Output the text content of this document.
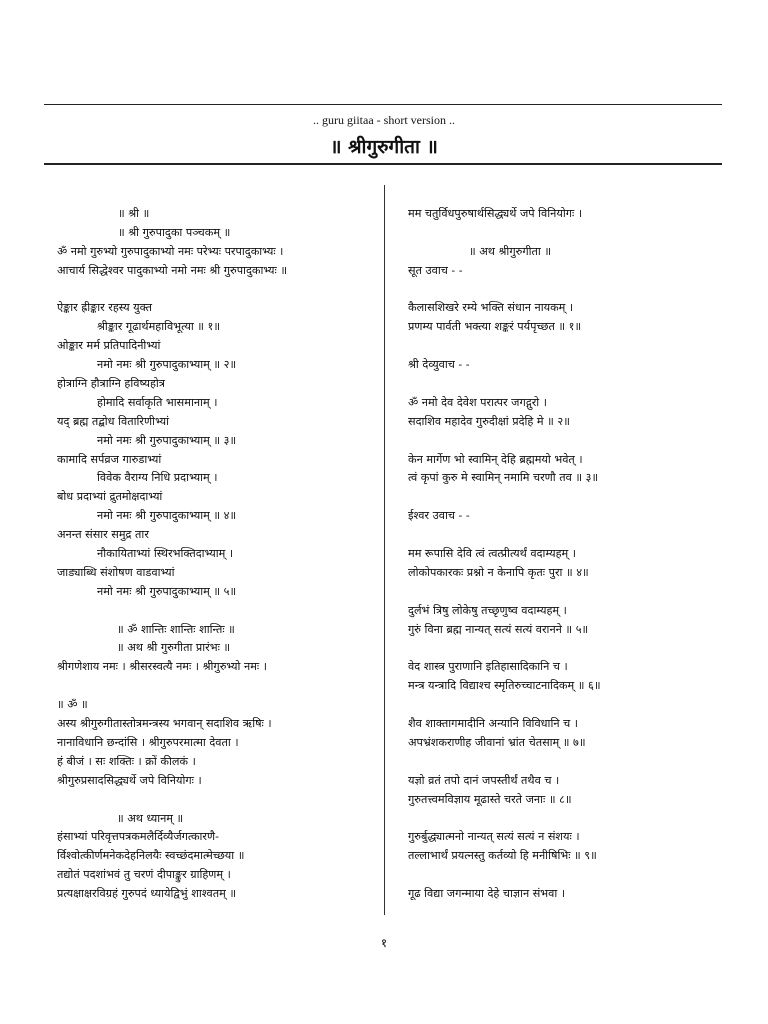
.. guru giitaa - short version ..
॥ श्रीगुरुगीता ॥
॥ श्री ॥
॥ श्री गुरुपादुका पञ्चकम् ॥
ॐ नमो गुरुभ्यो गुरुपादुकाभ्यो नमः परेभ्यः परपादुकाभ्यः ।
आचार्य सिद्धेश्वर पादुकाभ्यो नमो नमः श्री गुरुपादुकाभ्यः ॥
ऐङ्कार ह्रीङ्कार रहस्य युक्त
श्रीङ्कार गूढार्थमहाविभूत्या ॥ १॥
ओङ्कार मर्म प्रतिपादिनीभ्यां
नमो नमः श्री गुरुपादुकाभ्याम् ॥ २॥
होत्राग्नि हौत्राग्नि हविष्यहोत्र
होमादि सर्वाकृति भासमानाम् ।
यद् ब्रह्म तद्बोध वितारिणीभ्यां
नमो नमः श्री गुरुपादुकाभ्याम् ॥ ३॥
कामादि सर्पव्रज गारुडाभ्यां
विवेक वैराग्य निधि प्रदाभ्याम् ।
बोध प्रदाभ्यां द्रुतमोक्षदाभ्यां
नमो नमः श्री गुरुपादुकाभ्याम् ॥ ४॥
अनन्त संसार समुद्र तार
नौकायिताभ्यां स्थिरभक्तिदाभ्याम् ।
जाड्याब्धि संशोषण वाडवाभ्यां
नमो नमः श्री गुरुपादुकाभ्याम् ॥ ५॥
॥ ॐ शान्तिः शान्तिः शान्तिः ॥
॥ अथ श्री गुरुगीता प्रारंभः ॥
श्रीगणेशाय नमः । श्रीसरस्वत्यै नमः । श्रीगुरुभ्यो नमः ।
॥ ॐ ॥
अस्य श्रीगुरुगीतास्तोत्रमन्त्रस्य भगवान् सदाशिव ऋषिः ।
नानाविधानि छन्दांसि । श्रीगुरुपरमात्मा देवता ।
हं बीजं । सः शक्तिः । क्रों कीलकं ।
श्रीगुरुप्रसादसिद्ध्यर्थे जपे विनियोगः ।
॥ अथ ध्यानम् ॥
हंसाभ्यां परिवृत्तपत्रकमलैर्दिव्यैर्जगत्कारणै-
र्विश्वोत्कीर्णमनेकदेहनिलयैः स्वच्छंदमात्मेच्छया ॥
तद्योतं पदशांभवं तु चरणं दीपाङ्कुर ग्राहिणम् ।
प्रत्यक्षाक्षरविग्रहं गुरुपदं ध्यायेद्विभुं शाश्वतम् ॥
मम चतुर्विधपुरुषार्थसिद्ध्यर्थे जपे विनियोगः ।
॥ अथ श्रीगुरुगीता ॥
सूत उवाच - -
कैलासशिखरे रम्ये भक्ति संधान नायकम् ।
प्रणम्य पार्वती भक्त्या शङ्करं पर्यपृच्छत ॥ १॥
श्री देव्युवाच - -
ॐ नमो देव देवेश परात्पर जगद्गुरो ।
सदाशिव महादेव गुरुदीक्षां प्रदेहि मे ॥ २॥
केन मार्गेण भो स्वामिन् देहि ब्रह्ममयो भवेत् ।
त्वं कृपां कुरु मे स्वामिन् नमामि चरणौ तव ॥ ३॥
ईश्वर उवाच - -
मम रूपासि देवि त्वं त्वत्प्रीत्यर्थं वदाम्यहम् ।
लोकोपकारकः प्रश्नो न केनापि कृतः पुरा ॥ ४॥
दुर्लभं त्रिषु लोकेषु तच्छृणुष्व वदाम्यहम् ।
गुरुं विना ब्रह्म नान्यत् सत्यं सत्यं वरानने ॥ ५॥
वेद शास्त्र पुराणानि इतिहासादिकानि च ।
मन्त्र यन्त्रादि विद्याश्च स्मृतिरुच्चाटनादिकम् ॥ ६॥
शैव शाक्तागमादीनि अन्यानि विविधानि च ।
अपभ्रंशकराणीह जीवानां भ्रांत चेतसाम् ॥ ७॥
यज्ञो व्रतं तपो दानं जपस्तीर्थं तथैव च ।
गुरुतत्त्वमविज्ञाय मूढास्ते चरते जनाः ॥ ८॥
गुरुर्बुद्ध्यात्मनो नान्यत् सत्यं सत्यं न संशयः ।
तल्लाभार्थं प्रयत्नस्तु कर्तव्यो हि मनीषिभिः ॥ ९॥
गूढ विद्या जगन्माया देहे चाज्ञान संभवा ।
१
